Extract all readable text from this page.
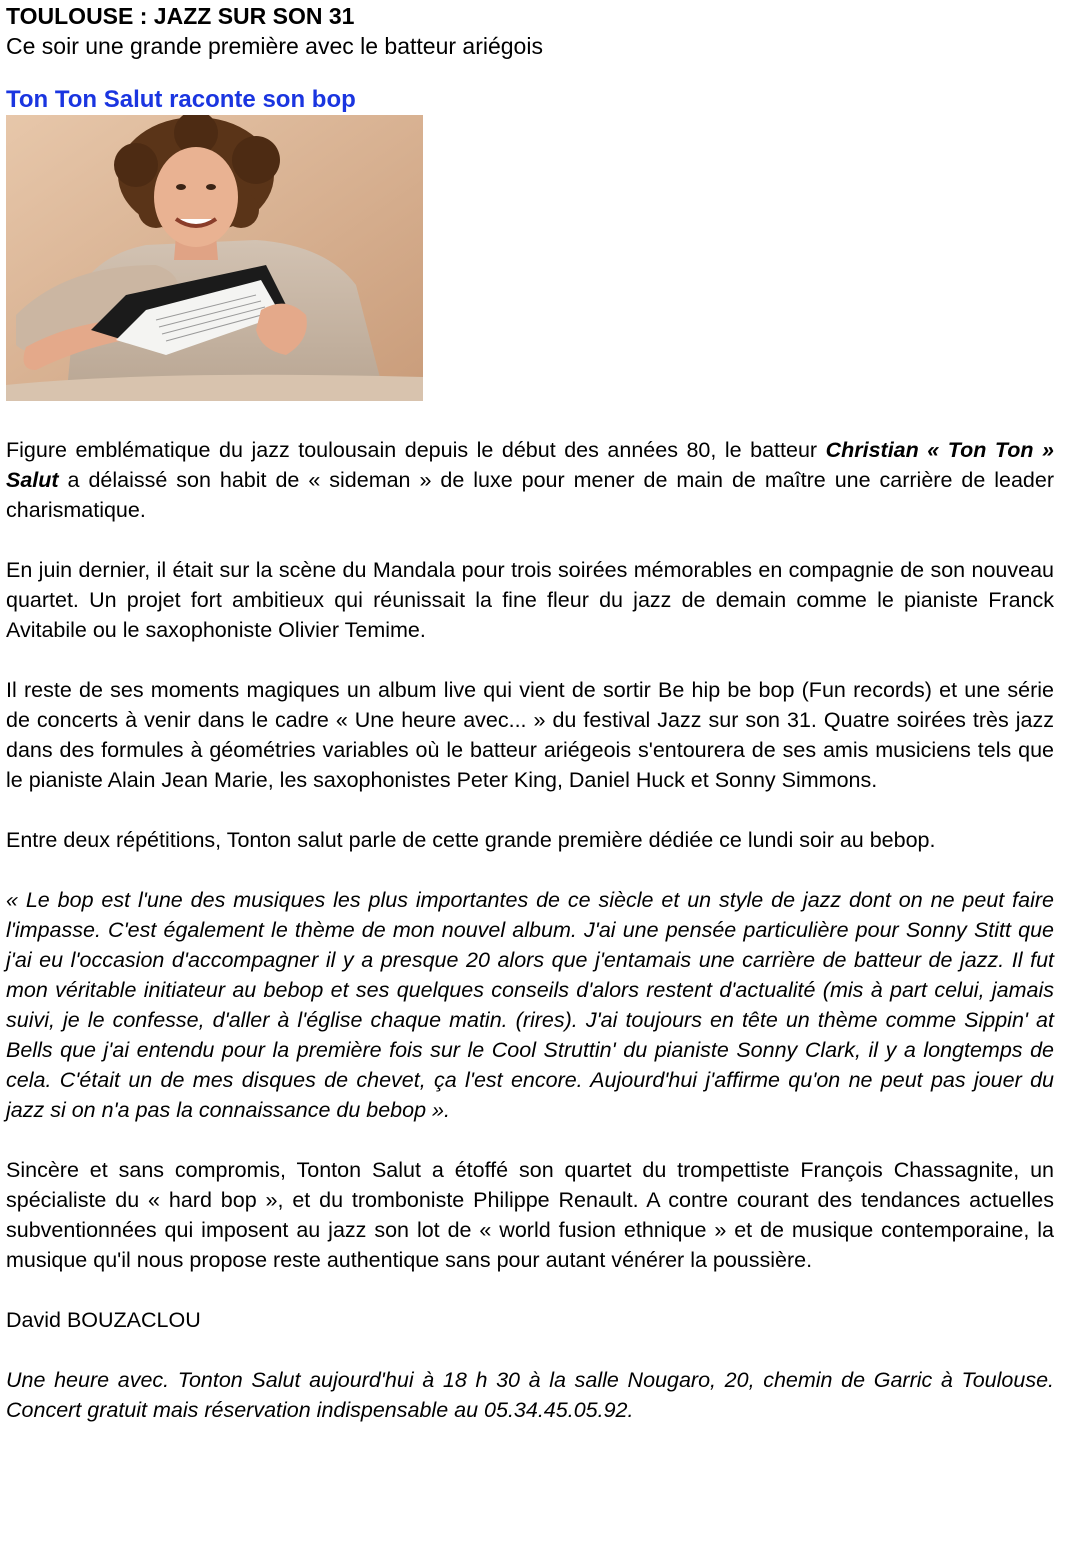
TOULOUSE : JAZZ SUR SON 31

Ce soir une grande première avec le batteur ariégois

Ton Ton Salut raconte son bop

Figure emblématique du jazz toulousain depuis le début des années 80, le batteur Christian « Ton Ton » Salut a délaissé son habit de « sideman » de luxe pour mener de main de maître une carrière de leader charismatique.

En juin dernier, il était sur la scène du Mandala pour trois soirées mémorables en compagnie de son nouveau quartet. Un projet fort ambitieux qui réunissait la fine fleur du jazz de demain comme le pianiste Franck Avitabile ou le saxophoniste Olivier Temime.

Il reste de ses moments magiques un album live qui vient de sortir Be hip be bop (Fun records) et une série de concerts à venir dans le cadre « Une heure avec... » du festival Jazz sur son 31. Quatre soirées très jazz dans des formules à géométries variables où le batteur ariégeois s'entourera de ses amis musiciens tels que le pianiste Alain Jean Marie, les saxophonistes Peter King, Daniel Huck et Sonny Simmons.

Entre deux répétitions, Tonton salut parle de cette grande première dédiée ce lundi soir au bebop.

« Le bop est l'une des musiques les plus importantes de ce siècle et un style de jazz dont on ne peut faire l'impasse. C'est également le thème de mon nouvel album. J'ai une pensée particulière pour Sonny Stitt que j'ai eu l'occasion d'accompagner il y a presque 20 alors que j'entamais une carrière de batteur de jazz. Il fut mon véritable initiateur au bebop et ses quelques conseils d'alors restent d'actualité (mis à part celui, jamais suivi, je le confesse, d'aller à l'église chaque matin. (rires). J'ai toujours en tête un thème comme Sippin' at Bells que j'ai entendu pour la première fois sur le Cool Struttin' du pianiste Sonny Clark, il y a longtemps de cela. C'était un de mes disques de chevet, ça l'est encore. Aujourd'hui j'affirme qu'on ne peut pas jouer du jazz si on n'a pas la connaissance du bebop ».

Sincère et sans compromis, Tonton Salut a étoffé son quartet du trompettiste François Chassagnite, un spécialiste du « hard bop », et du tromboniste Philippe Renault. A contre courant des tendances actuelles subventionnées qui imposent au jazz son lot de « world fusion ethnique » et de musique contemporaine, la musique qu'il nous propose reste authentique sans pour autant vénérer la poussière.

David BOUZACLOU

Une heure avec. Tonton Salut aujourd'hui à 18 h 30 à la salle Nougaro, 20, chemin de Garric à Toulouse. Concert gratuit mais réservation indispensable au 05.34.45.05.92.
